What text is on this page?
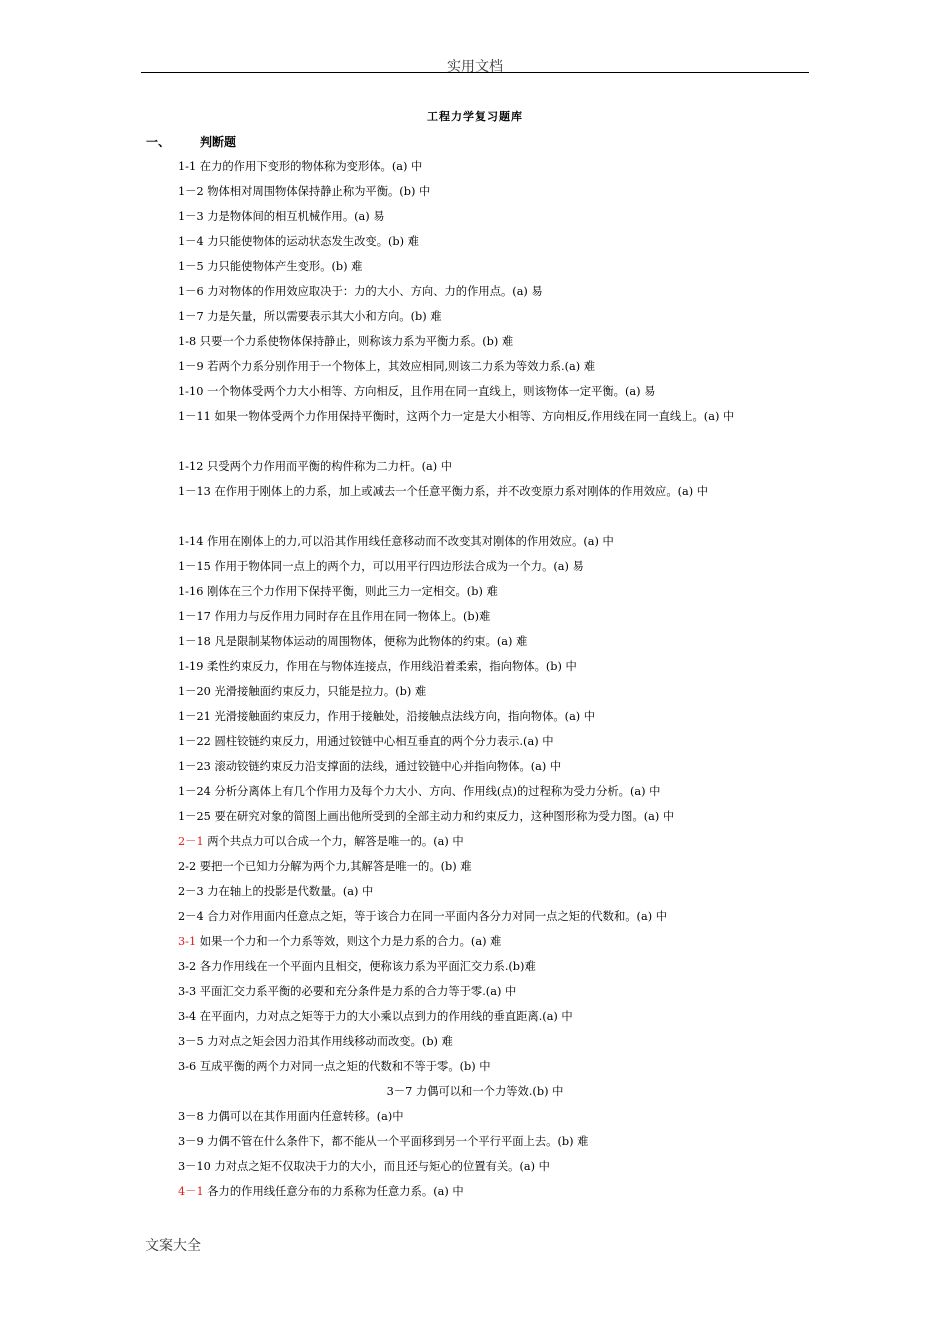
实用文档
工程力学复习题库
一、 判断题
1-1 在力的作用下变形的物体称为变形体。(a) 中
1－2 物体相对周围物体保持静止称为平衡。(b) 中
1－3 力是物体间的相互机械作用。(a) 易
1－4 力只能使物体的运动状态发生改变。(b) 难
1－5 力只能使物体产生变形。(b) 难
1－6 力对物体的作用效应取决于：力的大小、方向、力的作用点。(a) 易
1－7 力是矢量，所以需要表示其大小和方向。(b) 难
1-8 只要一个力系使物体保持静止，则称该力系为平衡力系。(b) 难
1－9 若两个力系分别作用于一个物体上，其效应相同,则该二力系为等效力系.(a) 难
1-10 一个物体受两个力大小相等、方向相反，且作用在同一直线上，则该物体一定平衡。(a) 易
1－11 如果一物体受两个力作用保持平衡时，这两个力一定是大小相等、方向相反,作用线在同一直线上。(a) 中
1-12 只受两个力作用而平衡的构件称为二力杆。(a) 中
1－13 在作用于刚体上的力系，加上或减去一个任意平衡力系，并不改变原力系对刚体的作用效应。(a) 中
1-14 作用在刚体上的力,可以沿其作用线任意移动而不改变其对刚体的作用效应。(a) 中
1－15 作用于物体同一点上的两个力，可以用平行四边形法合成为一个力。(a) 易
1-16 刚体在三个力作用下保持平衡，则此三力一定相交。(b) 难
1－17 作用力与反作用力同时存在且作用在同一物体上。(b)难
1－18 凡是限制某物体运动的周围物体，便称为此物体的约束。(a) 难
1-19 柔性约束反力，作用在与物体连接点，作用线沿着柔索，指向物体。(b) 中
1－20 光滑接触面约束反力，只能是拉力。(b) 难
1－21 光滑接触面约束反力，作用于接触处，沿接触点法线方向，指向物体。(a) 中
1－22 圆柱铰链约束反力，用通过铰链中心相互垂直的两个分力表示.(a) 中
1－23 滚动铰链约束反力沿支撑面的法线，通过铰链中心并指向物体。(a) 中
1－24 分析分离体上有几个作用力及每个力大小、方向、作用线(点)的过程称为受力分析。(a) 中
1－25 要在研究对象的简图上画出他所受到的全部主动力和约束反力，这种图形称为受力图。(a) 中
2－1 两个共点力可以合成一个力，解答是唯一的。(a) 中
2-2 要把一个已知力分解为两个力,其解答是唯一的。(b) 难
2－3 力在轴上的投影是代数量。(a) 中
2－4 合力对作用面内任意点之矩，等于该合力在同一平面内各分力对同一点之矩的代数和。(a) 中
3-1 如果一个力和一个力系等效，则这个力是力系的合力。(a) 难
3-2 各力作用线在一个平面内且相交，便称该力系为平面汇交力系.(b)难
3-3 平面汇交力系平衡的必要和充分条件是力系的合力等于零.(a) 中
3-4 在平面内，力对点之矩等于力的大小乘以点到力的作用线的垂直距离.(a) 中
3－5 力对点之矩会因力沿其作用线移动而改变。(b) 难
3-6 互成平衡的两个力对同一点之矩的代数和不等于零。(b) 中
3－7 力偶可以和一个力等效.(b) 中
3－8 力偶可以在其作用面内任意转移。(a)中
3－9 力偶不管在什么条件下，都不能从一个平面移到另一个平行平面上去。(b) 难
3－10 力对点之矩不仅取决于力的大小，而且还与矩心的位置有关。(a) 中
4－1 各力的作用线任意分布的力系称为任意力系。(a) 中
文案大全
